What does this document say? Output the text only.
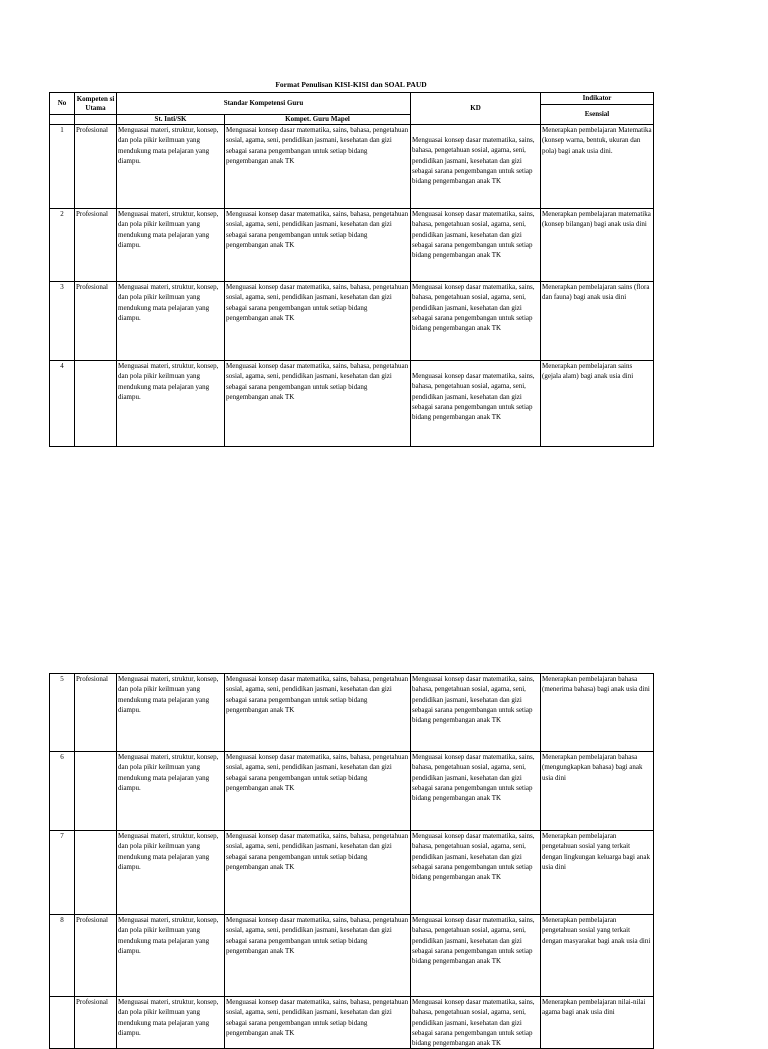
Format Penulisan KISI-KISI dan SOAL PAUD
No	Kompeten si Utama	Standar Kompetensi Guru		KD	Indikator
					Esensial
		St. Inti/SK	Kompet. Guru Mapel		
1	Profesional	Menguasai materi, struktur, konsep, dan pola pikir keilmuan yang mendukung mata pelajaran yang diampu.	Menguasai konsep dasar matematika, sains, bahasa, pengetahuan sosial, agama, seni, pendidikan jasmani, kesehatan dan gizi sebagai sarana pengembangan untuk setiap bidang pengembangan anak TK	Menguasai konsep dasar matematika, sains, bahasa, pengetahuan sosial, agama, seni, pendidikan jasmani, kesehatan dan gizi sebagai sarana pengembangan untuk setiap bidang pengembangan anak TK	Menerapkan pembelajaran Matematika (konsep warna, bentuk, ukuran dan pola) bagi anak usia dini.
2	Profesional	Menguasai materi, struktur, konsep, dan pola pikir keilmuan yang mendukung mata pelajaran yang diampu.	Menguasai konsep dasar matematika, sains, bahasa, pengetahuan sosial, agama, seni, pendidikan jasmani, kesehatan dan gizi sebagai sarana pengembangan untuk setiap bidang pengembangan anak TK	Menguasai konsep dasar matematika, sains, bahasa, pengetahuan sosial, agama, seni, pendidikan jasmani, kesehatan dan gizi sebagai sarana pengembangan untuk setiap bidang pengembangan anak TK	Menerapkan pembelajaran matematika (konsep bilangan) bagi anak usia dini
3	Profesional	Menguasai materi, struktur, konsep, dan pola pikir keilmuan yang mendukung mata pelajaran yang diampu.	Menguasai konsep dasar matematika, sains, bahasa, pengetahuan sosial, agama, seni, pendidikan jasmani, kesehatan dan gizi sebagai sarana pengembangan untuk setiap bidang pengembangan anak TK	Menguasai konsep dasar matematika, sains, bahasa, pengetahuan sosial, agama, seni, pendidikan jasmani, kesehatan dan gizi sebagai sarana pengembangan untuk setiap bidang pengembangan anak TK	Menerapkan pembelajaran sains (flora dan fauna) bagi anak usia dini
4		Menguasai materi, struktur, konsep, dan pola pikir keilmuan yang mendukung mata pelajaran yang diampu.	Menguasai konsep dasar matematika, sains, bahasa, pengetahuan sosial, agama, seni, pendidikan jasmani, kesehatan dan gizi sebagai sarana pengembangan untuk setiap bidang pengembangan anak TK	Menguasai konsep dasar matematika, sains, bahasa, pengetahuan sosial, agama, seni, pendidikan jasmani, kesehatan dan gizi sebagai sarana pengembangan untuk setiap bidang pengembangan anak TK	Menerapkan pembelajaran sains (gejala alam) bagi anak usia dini
5	Profesional	Menguasai materi, struktur, konsep, dan pola pikir keilmuan yang mendukung mata pelajaran yang diampu.	Menguasai konsep dasar matematika, sains, bahasa, pengetahuan sosial, agama, seni, pendidikan jasmani, kesehatan dan gizi sebagai sarana pengembangan untuk setiap bidang pengembangan anak TK	Menguasai konsep dasar matematika, sains, bahasa, pengetahuan sosial, agama, seni, pendidikan jasmani, kesehatan dan gizi sebagai sarana pengembangan untuk setiap bidang pengembangan anak TK	Menerapkan pembelajaran bahasa (menerima bahasa) bagi anak usia dini
6		Menguasai materi, struktur, konsep, dan pola pikir keilmuan yang mendukung mata pelajaran yang diampu.	Menguasai konsep dasar matematika, sains, bahasa, pengetahuan sosial, agama, seni, pendidikan jasmani, kesehatan dan gizi sebagai sarana pengembangan untuk setiap bidang pengembangan anak TK	Menguasai konsep dasar matematika, sains, bahasa, pengetahuan sosial, agama, seni, pendidikan jasmani, kesehatan dan gizi sebagai sarana pengembangan untuk setiap bidang pengembangan anak TK	Menerapkan pembelajaran bahasa (mengungkapkan bahasa) bagi anak usia dini
7		Menguasai materi, struktur, konsep, dan pola pikir keilmuan yang mendukung mata pelajaran yang diampu.	Menguasai konsep dasar matematika, sains, bahasa, pengetahuan sosial, agama, seni, pendidikan jasmani, kesehatan dan gizi sebagai sarana pengembangan untuk setiap bidang pengembangan anak TK	Menguasai konsep dasar matematika, sains, bahasa, pengetahuan sosial, agama, seni, pendidikan jasmani, kesehatan dan gizi sebagai sarana pengembangan untuk setiap bidang pengembangan anak TK	Menerapkan pembelajaran pengetahuan sosial yang terkait dengan lingkungan keluarga bagi anak usia dini
8	Profesional	Menguasai materi, struktur, konsep, dan pola pikir keilmuan yang mendukung mata pelajaran yang diampu.	Menguasai konsep dasar matematika, sains, bahasa, pengetahuan sosial, agama, seni, pendidikan jasmani, kesehatan dan gizi sebagai sarana pengembangan untuk setiap bidang pengembangan anak TK	Menguasai konsep dasar matematika, sains, bahasa, pengetahuan sosial, agama, seni, pendidikan jasmani, kesehatan dan gizi sebagai sarana pengembangan untuk setiap bidang pengembangan anak TK	Menerapkan pembelajaran pengetahuan sosial yang terkait dengan masyarakat bagi anak usia dini
	Profesional	Menguasai materi, struktur, konsep, dan pola pikir keilmuan yang mendukung mata pelajaran yang diampu.	Menguasai konsep dasar matematika, sains, bahasa, pengetahuan sosial, agama, seni, pendidikan jasmani, kesehatan dan gizi sebagai sarana pengembangan untuk setiap bidang pengembangan anak TK	Menguasai konsep dasar matematika, sains, bahasa, pengetahuan sosial, agama, seni, pendidikan jasmani, kesehatan dan gizi sebagai sarana pengembangan untuk setiap bidang pengembangan anak TK	Menerapkan pembelajaran nilai-nilai agama bagi anak usia dini
